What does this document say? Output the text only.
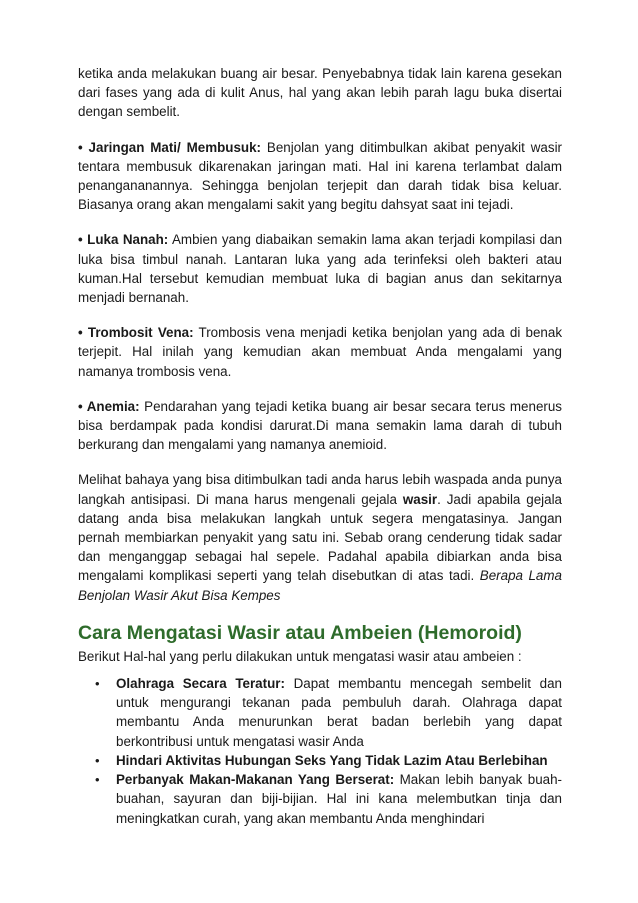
ketika anda melakukan buang air besar. Penyebabnya tidak lain karena gesekan dari fases yang ada di kulit Anus, hal yang akan lebih parah lagu buka disertai dengan sembelit.

• Jaringan Mati/ Membusuk: Benjolan yang ditimbulkan akibat penyakit wasir tentara membusuk dikarenakan jaringan mati. Hal ini karena terlambat dalam penangananannya. Sehingga benjolan terjepit dan darah tidak bisa keluar. Biasanya orang akan mengalami sakit yang begitu dahsyat saat ini tejadi.

• Luka Nanah: Ambien yang diabaikan semakin lama akan terjadi kompilasi dan luka bisa timbul nanah. Lantaran luka yang ada terinfeksi oleh bakteri atau kuman.Hal tersebut kemudian membuat luka di bagian anus dan sekitarnya menjadi bernanah.

• Trombosit Vena: Trombosis vena menjadi ketika benjolan yang ada di benak terjepit. Hal inilah yang kemudian akan membuat Anda mengalami yang namanya trombosis vena.

• Anemia: Pendarahan yang tejadi ketika buang air besar secara terus menerus bisa berdampak pada kondisi darurat.Di mana semakin lama darah di tubuh berkurang dan mengalami yang namanya anemioid.

Melihat bahaya yang bisa ditimbulkan tadi anda harus lebih waspada anda punya langkah antisipasi. Di mana harus mengenali gejala wasir. Jadi apabila gejala datang anda bisa melakukan langkah untuk segera mengatasinya. Jangan pernah membiarkan penyakit yang satu ini. Sebab orang cenderung tidak sadar dan menganggap sebagai hal sepele. Padahal apabila dibiarkan anda bisa mengalami komplikasi seperti yang telah disebutkan di atas tadi. Berapa Lama Benjolan Wasir Akut Bisa Kempes

Cara Mengatasi Wasir atau Ambeien (Hemoroid)

Berikut Hal-hal yang perlu dilakukan untuk mengatasi wasir atau ambeien :

• Olahraga Secara Teratur: Dapat membantu mencegah sembelit dan untuk mengurangi tekanan pada pembuluh darah. Olahraga dapat membantu Anda menurunkan berat badan berlebih yang dapat berkontribusi untuk mengatasi wasir Anda
• Hindari Aktivitas Hubungan Seks Yang Tidak Lazim Atau Berlebihan
• Perbanyak Makan-Makanan Yang Berserat: Makan lebih banyak buah-buahan, sayuran dan biji-bijian. Hal ini kana melembutkan tinja dan meningkatkan curah, yang akan membantu Anda menghindari
